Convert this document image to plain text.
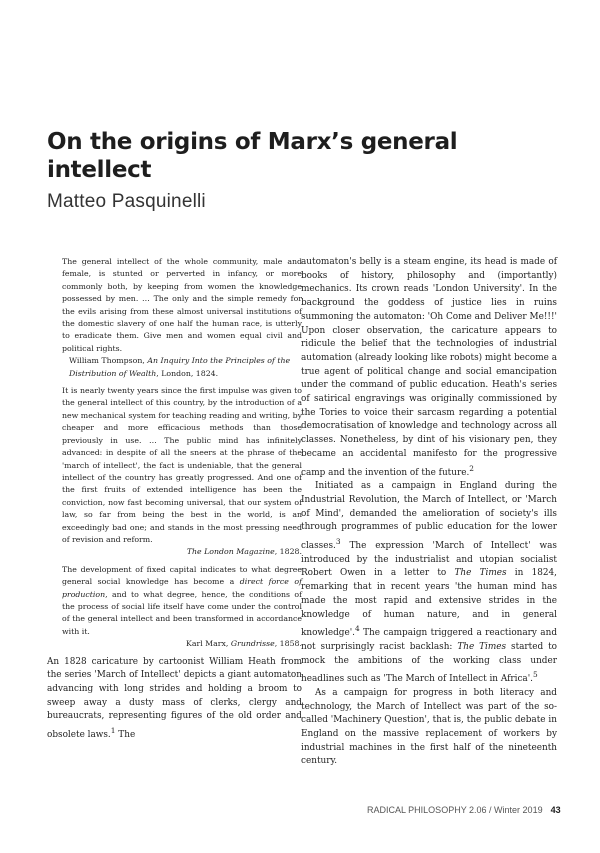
On the origins of Marx’s general intellect
Matteo Pasquinelli

The general intellect of the whole community, male and female, is stunted or perverted in infancy, or more commonly both, by keeping from women the knowledge possessed by men. … The only and the simple remedy for the evils arising from these almost universal institutions of the domestic slavery of one half the human race, is utterly to eradicate them. Give men and women equal civil and political rights.

William Thompson, An Inquiry Into the Principles of the Distribution of Wealth, London, 1824.

It is nearly twenty years since the first impulse was given to the general intellect of this country, by the introduction of a new mechanical system for teaching reading and writing, by cheaper and more efficacious methods than those previously in use. … The public mind has infinitely advanced: in despite of all the sneers at the phrase of the 'march of intellect', the fact is undeniable, that the general intellect of the country has greatly progressed. And one of the first fruits of extended intelligence has been the conviction, now fast becoming universal, that our system of law, so far from being the best in the world, is an exceedingly bad one; and stands in the most pressing need of revision and reform.

The London Magazine, 1828.

The development of fixed capital indicates to what degree general social knowledge has become a direct force of production, and to what degree, hence, the conditions of the process of social life itself have come under the control of the general intellect and been transformed in accordance with it.

Karl Marx, Grundrisse, 1858.

An 1828 caricature by cartoonist William Heath from the series 'March of Intellect' depicts a giant automaton advancing with long strides and holding a broom to sweep away a dusty mass of clerks, clergy and bureaucrats, representing figures of the old order and obsolete laws.$^1$ The

automaton's belly is a steam engine, its head is made of books of history, philosophy and (importantly) mechanics. Its crown reads 'London University'. In the background the goddess of justice lies in ruins summoning the automaton: 'Oh Come and Deliver Me!!!' Upon closer observation, the caricature appears to ridicule the belief that the technologies of industrial automation (already looking like robots) might become a true agent of political change and social emancipation under the command of public education. Heath's series of satirical engravings was originally commissioned by the Tories to voice their sarcasm regarding a potential democratisation of knowledge and technology across all classes. Nonetheless, by dint of his visionary pen, they became an accidental manifesto for the progressive camp and the invention of the future.$^2$

Initiated as a campaign in England during the Industrial Revolution, the March of Intellect, or 'March of Mind', demanded the amelioration of society's ills through programmes of public education for the lower classes.$^3$ The expression 'March of Intellect' was introduced by the industrialist and utopian socialist Robert Owen in a letter to The Times in 1824, remarking that in recent years 'the human mind has made the most rapid and extensive strides in the knowledge of human nature, and in general knowledge'.$^4$ The campaign triggered a reactionary and not surprisingly racist backlash: The Times started to mock the ambitions of the working class under headlines such as 'The March of Intellect in Africa'.$^5$

As a campaign for progress in both literacy and technology, the March of Intellect was part of the so-called 'Machinery Question', that is, the public debate in England on the massive replacement of workers by industrial machines in the first half of the nineteenth century.

RADICAL PHILOSOPHY 2.06 / Winter 2019 43
